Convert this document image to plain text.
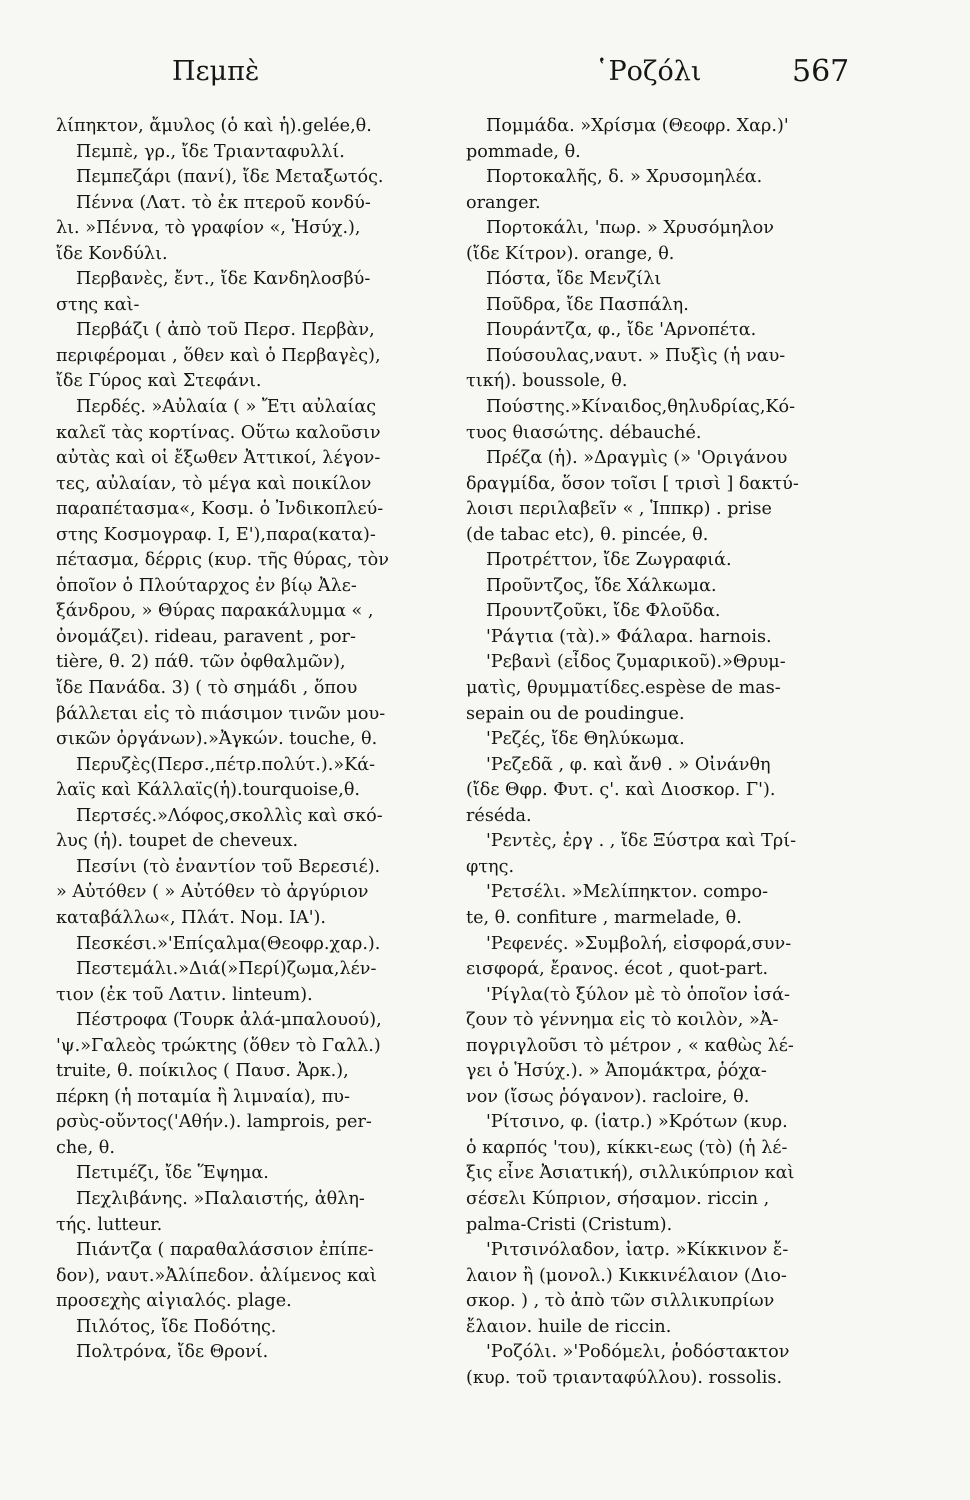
Πεμπὲ	῾Ροζόλι	567
λίπηκτον, ἄμυλος (ὁ καὶ ἡ).gelée,θ.
Πεμπὲ, γρ., ἴδε Τριανταφυλλί.
Πεμπεζάρι (πανί), ἴδε Μεταξωτός.
Πέννα (Λατ. τὸ ἐκ πτεροῦ κονδύ-
λι. »Πέννα, τὸ γραφίον «, Ἡσύχ.),
ἴδε Κονδύλι.
Περβανὲς, ἔντ., ἴδε Κανδηλοσβύ-
στης καὶ-
Περβάζι ( ἀπὸ τοῦ Περσ. Περβὰν,
περιφέρομαι , ὅθεν καὶ ὁ Περβαγὲς),
ἴδε Γύρος καὶ Στεφάνι.
Περδές. »Αὐλαία ( » Ἔτι αὐλαίας
καλεῖ τὰς κορτίνας. Οὕτω καλοῦσιν
αὐτὰς καὶ οἱ ἔξωθεν Ἀττικοί, λέγον-
τες, αὐλαίαν, τὸ μέγα καὶ ποικίλον
παραπέτασμα«, Κοσμ. ὁ Ἰνδικοπλεύ-
στης Κοσμογραφ. I, E'),παρα(κατα)-
πέτασμα, δέρρις (κυρ. τῆς θύρας, τὸν
ὁποῖον ὁ Πλούταρχος ἐν βίῳ Ἀλε-
ξάνδρου, » Θύρας παρακάλυμμα « ,
ὀνομάζει). rideau, paravent , por-
tière, θ. 2) πάθ. τῶν ὀφθαλμῶν),
ἴδε Πανάδα. 3) ( τὸ σημάδι , ὅπου
βάλλεται εἰς τὸ πιάσιμον τινῶν μου-
σικῶν ὀργάνων).»Ἀγκών. touche, θ.
Περυζὲς(Περσ.,πέτρ.πολύτ.).»Κά-
λαϊς καὶ Κάλλαϊς(ἡ).tourquoise,θ.
Περτσές.»Λόφος,σκολλὶς καὶ σκό-
λυς (ἡ). toupet de cheveux.
Πεσίνι (τὸ ἐναντίον τοῦ Βερεσιέ).
» Αὐτόθεν ( » Αὐτόθεν τὸ ἀργύριον
καταβάλλω«, Πλάτ. Νομ. ΙΑ').
Πεσκέσι.»'Επίςαλμα(Θεοφρ.χαρ.).
Πεστεμάλι.»Διά(»Περί)ζωμα,λέν-
τιον (ἐκ τοῦ Λατιν. linteum).
Πέστροφα (Τουρκ ἀλά-μπαλουού),
'ψ.»Γαλεὸς τρώκτης (ὅθεν τὸ Γαλλ.)
truite, θ. ποίκιλος ( Παυσ. Ἀρκ.),
πέρκη (ἡ ποταμία ἢ λιμναία), πυ-
ρσὺς-οὔντος('Αθήν.). lamprois, per-
che, θ.
Πετιμέζι, ἴδε Ἕψημα.
Πεχλιβάνης. »Παλαιστής, ἀθλη-
τής. lutteur.
Πιάντζα ( παραθαλάσσιον ἐπίπε-
δον), ναυτ.»Ἀλίπεδον. ἀλίμενος καὶ
προσεχὴς αἰγιαλός. plage.
Πιλότος, ἴδε Ποδότης.
Πολτρόνα, ἴδε Θρονί.
Πομμάδα. »Χρίσμα (Θεοφρ. Χαρ.)'
pommade, θ.
Πορτοκαλῆς, δ. » Χρυσομηλέα.
oranger.
Πορτοκάλι, 'πωρ. » Χρυσόμηλον
(ἴδε Κίτρον). orange, θ.
Πόστα, ἴδε Μενζίλι
Ποῦδρα, ἴδε Πασπάλη.
Πουράντζα, φ., ἴδε 'Αρνοπέτα.
Πούσουλας,ναυτ. » Πυξὶς (ἡ ναυ-
τική). boussole, θ.
Πούστης.»Κίναιδος,θηλυδρίας,Κό-
τυος θιασώτης. débauché.
Πρέζα (ἡ). »Δραγμὶς (» 'Οριγάνου
δραγμίδα, ὅσον τοῖσι [ τρισὶ ] δακτύ-
λοισι περιλαβεῖν « , Ἱππκρ) . prise
(de tabac etc), θ. pincée, θ.
Προτρέττον, ἴδε Ζωγραφιά.
Προῦντζος, ἴδε Χάλκωμα.
Προυντζοῦκι, ἴδε Φλοῦδα.
'Ράγτια (τὰ).» Φάλαρα. harnois.
'Ρεβανὶ (εἶδος ζυμαρικοῦ).»Θρυμ-
ματὶς, θρυμματίδες.espèse de mas-
sepain ou de poudingue.
'Ρεζές, ἴδε Θηλύκωμα.
'Ρεζεδᾶ , φ. καὶ ἄνθ . » Οἰνάνθη
(ἴδε Θφρ. Φυτ. ς'. καὶ Διοσκορ. Γ').
réséda.
'Ρεντὲς, ἐργ . , ἴδε Ξύστρα καὶ Τρί-
φτης.
'Ρετσέλι. »Μελίπηκτον. compo-
te, θ. confiture , marmelade, θ.
'Ρεφενές. »Συμβολή, εἰσφορά,συν-
εισφορά, ἔρανος. écot , quot-part.
'Ρίγλα(τὸ ξύλον μὲ τὸ ὁποῖον ἰσά-
ζουν τὸ γέννημα εἰς τὸ κοιλὸν, »Ἀ-
πογριγλοῦσι τὸ μέτρον , « καθὼς λέ-
γει ὁ Ἡσύχ.). » Ἀπομάκτρα, ῥόχα-
νον (ἴσως ῥόγανον). racloire, θ.
'Ρίτσινο, φ. (ἰατρ.) »Κρότων (κυρ.
ὁ καρπός 'του), κίκκι-εως (τὸ) (ἡ λέ-
ξις εἶνε Ἀσιατική), σιλλικύπριον καὶ
σέσελι Κύπριον, σήσαμον. riccin ,
palma-Cristi (Cristum).
'Ριτσινόλαδον, ἰατρ. »Κίκκινον ἔ-
λαιον ἢ (μονολ.) Κικκινέλαιον (Διο-
σκορ. ) , τὸ ἀπὸ τῶν σιλλικυπρίων
ἔλαιον. huile de riccin.
'Ροζόλι. »'Ροδόμελι, ῥοδόστακτον
(κυρ. τοῦ τριανταφύλλου). rossolis.
